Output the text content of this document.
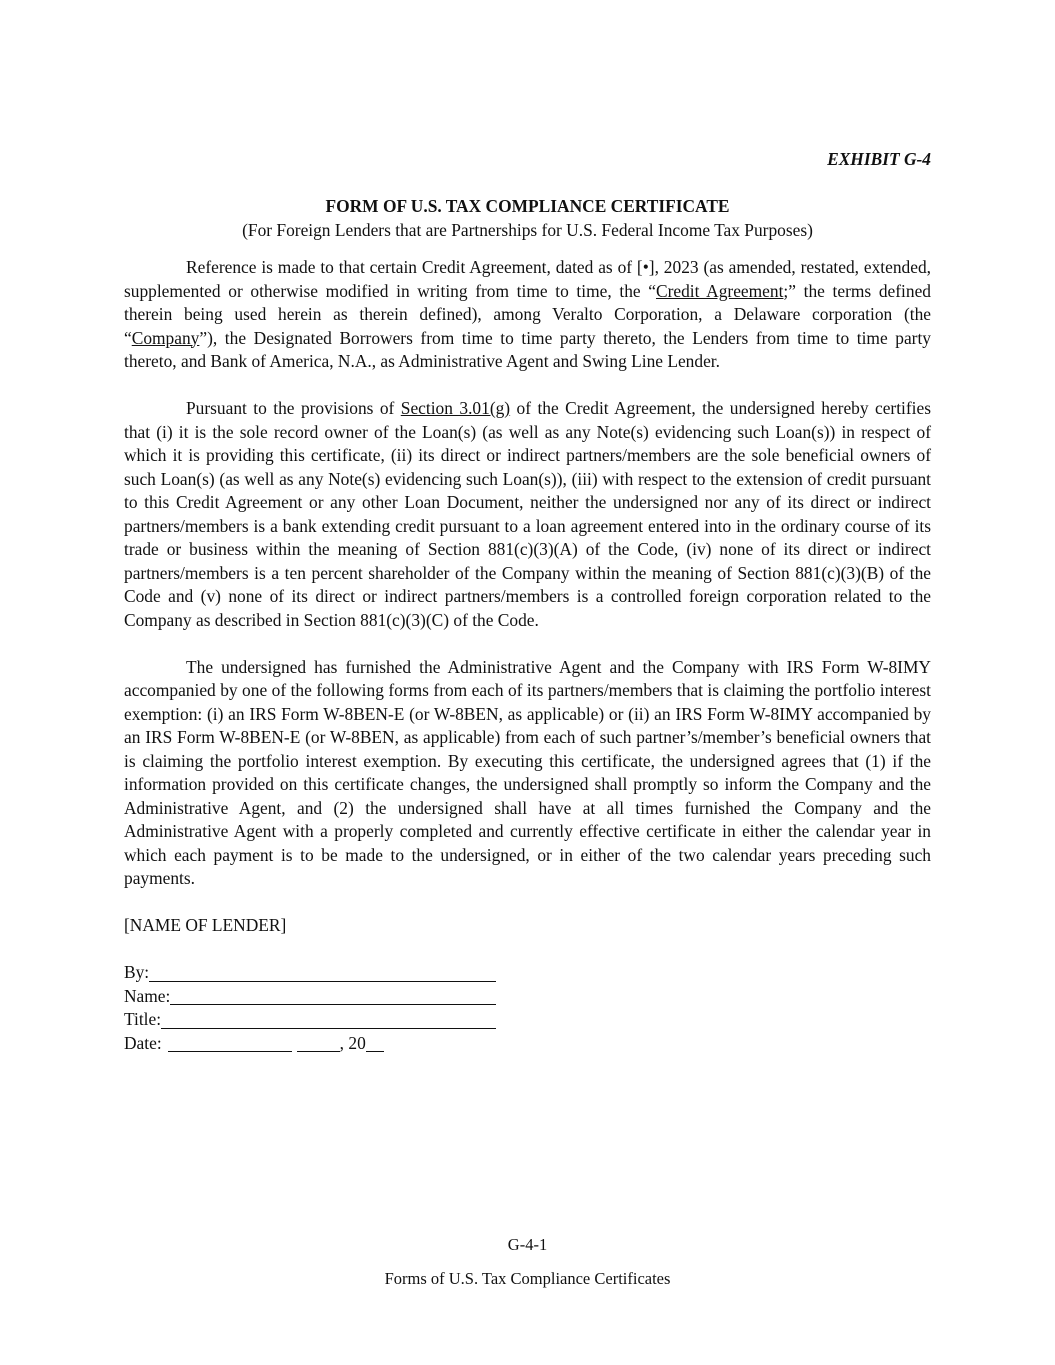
EXHIBIT G-4
FORM OF U.S. TAX COMPLIANCE CERTIFICATE
(For Foreign Lenders that are Partnerships for U.S. Federal Income Tax Purposes)

Reference is made to that certain Credit Agreement, dated as of [•], 2023 (as amended, restated, extended, supplemented or otherwise modified in writing from time to time, the “Credit Agreement;” the terms defined therein being used herein as therein defined), among Veralto Corporation, a Delaware corporation (the “Company”), the Designated Borrowers from time to time party thereto, the Lenders from time to time party thereto, and Bank of America, N.A., as Administrative Agent and Swing Line Lender.

Pursuant to the provisions of Section 3.01(g) of the Credit Agreement, the undersigned hereby certifies that (i) it is the sole record owner of the Loan(s) (as well as any Note(s) evidencing such Loan(s)) in respect of which it is providing this certificate, (ii) its direct or indirect partners/members are the sole beneficial owners of such Loan(s) (as well as any Note(s) evidencing such Loan(s)), (iii) with respect to the extension of credit pursuant to this Credit Agreement or any other Loan Document, neither the undersigned nor any of its direct or indirect partners/members is a bank extending credit pursuant to a loan agreement entered into in the ordinary course of its trade or business within the meaning of Section 881(c)(3)(A) of the Code, (iv) none of its direct or indirect partners/members is a ten percent shareholder of the Company within the meaning of Section 881(c)(3)(B) of the Code and (v) none of its direct or indirect partners/members is a controlled foreign corporation related to the Company as described in Section 881(c)(3)(C) of the Code.

The undersigned has furnished the Administrative Agent and the Company with IRS Form W-8IMY accompanied by one of the following forms from each of its partners/members that is claiming the portfolio interest exemption: (i) an IRS Form W-8BEN-E (or W-8BEN, as applicable) or (ii) an IRS Form W-8IMY accompanied by an IRS Form W-8BEN-E (or W-8BEN, as applicable) from each of such partner’s/member’s beneficial owners that is claiming the portfolio interest exemption. By executing this certificate, the undersigned agrees that (1) if the information provided on this certificate changes, the undersigned shall promptly so inform the Company and the Administrative Agent, and (2) the undersigned shall have at all times furnished the Company and the Administrative Agent with a properly completed and currently effective certificate in either the calendar year in which each payment is to be made to the undersigned, or in either of the two calendar years preceding such payments.

[NAME OF LENDER]
By:
Name:
Title:
Date:	, 20
G-4-1
Forms of U.S. Tax Compliance Certificates
